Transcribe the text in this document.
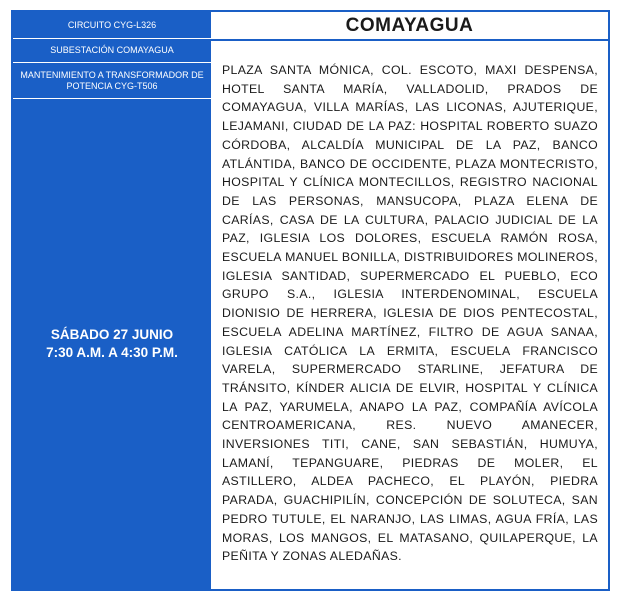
CIRCUITO CYG-L326
SUBESTACIÓN COMAYAGUA
MANTENIMIENTO A TRANSFORMADOR DE POTENCIA CYG-T506
SÁBADO 27 JUNIO
7:30 A.M. A 4:30 P.M.
COMAYAGUA
PLAZA SANTA MÓNICA, COL. ESCOTO, MAXI DESPENSA, HOTEL SANTA MARÍA, VALLADOLID, PRADOS DE COMAYAGUA, VILLA MARÍAS, LAS LICONAS, AJUTERIQUE, LEJAMANI, CIUDAD DE LA PAZ: HOSPITAL ROBERTO SUAZO CÓRDOBA, ALCALDÍA MUNICIPAL DE LA PAZ, BANCO ATLÁNTIDA, BANCO DE OCCIDENTE, PLAZA MONTECRISTO, HOSPITAL Y CLÍNICA MONTECILLOS, REGISTRO NACIONAL DE LAS PERSONAS, MANSUCOPA, PLAZA ELENA DE CARÍAS, CASA DE LA CULTURA, PALACIO JUDICIAL DE LA PAZ, IGLESIA LOS DOLORES, ESCUELA RAMÓN ROSA, ESCUELA MANUEL BONILLA, DISTRIBUIDORES MOLINEROS, IGLESIA SANTIDAD, SUPERMERCADO EL PUEBLO, ECO GRUPO S.A., IGLESIA INTERDENOMINAL, ESCUELA DIONISIO DE HERRERA, IGLESIA DE DIOS PENTECOSTAL, ESCUELA ADELINA MARTÍNEZ, FILTRO DE AGUA SANAA, IGLESIA CATÓLICA LA ERMITA, ESCUELA FRANCISCO VARELA, SUPERMERCADO STARLINE, JEFATURA DE TRÁNSITO, KÍNDER ALICIA DE ELVIR, HOSPITAL Y CLÍNICA LA PAZ, YARUMELA, ANAPO LA PAZ, COMPAÑÍA AVÍCOLA CENTROAMERICANA, RES. NUEVO AMANECER, INVERSIONES TITI, CANE, SAN SEBASTIÁN, HUMUYA, LAMANÍ, TEPANGUARE, PIEDRAS DE MOLER, EL ASTILLERO, ALDEA PACHECO, EL PLAYÓN, PIEDRA PARADA, GUACHIPILÍN, CONCEPCIÓN DE SOLUTECA, SAN PEDRO TUTULE, EL NARANJO, LAS LIMAS, AGUA FRÍA, LAS MORAS, LOS MANGOS, EL MATASANO, QUILAPERQUE, LA PEÑITA Y ZONAS ALEDAÑAS.
